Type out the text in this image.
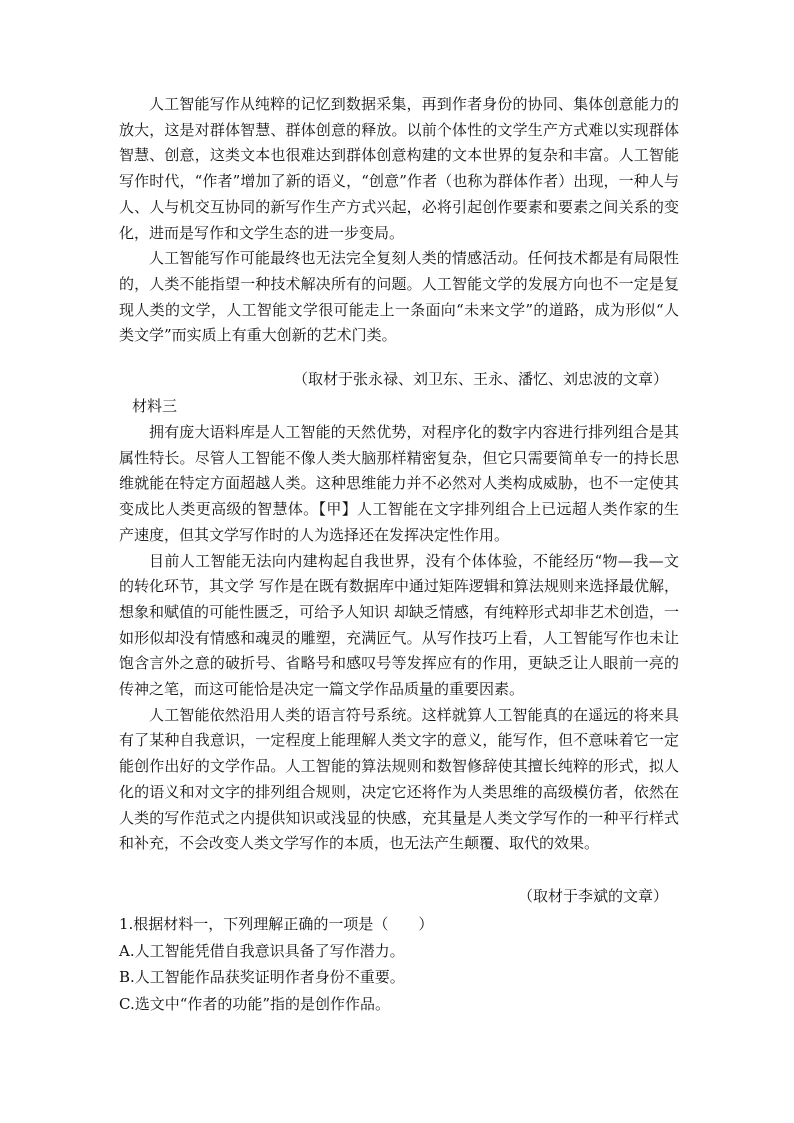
人工智能写作从纯粹的记忆到数据采集，再到作者身份的协同、集体创意能力的放大，这是对群体智慧、群体创意的释放。以前个体性的文学生产方式难以实现群体智慧、创意，这类文本也很难达到群体创意构建的文本世界的复杂和丰富。人工智能写作时代，“作者”增加了新的语义，“创意”作者（也称为群体作者）出现，一种人与人、人与机交互协同的新写作生产方式兴起，必将引起创作要素和要素之间关系的变化，进而是写作和文学生态的进一步变局。

人工智能写作可能最终也无法完全复刻人类的情感活动。任何技术都是有局限性的，人类不能指望一种技术解决所有的问题。人工智能文学的发展方向也不一定是复现人类的文学，人工智能文学很可能走上一条面向“未来文学”的道路，成为形似“人类文学”而实质上有重大创新的艺术门类。

（取材于张永禄、刘卫东、王永、潘忆、刘忠波的文章）
材料三

拥有庞大语料库是人工智能的天然优势，对程序化的数字内容进行排列组合是其属性特长。尽管人工智能不像人类大脑那样精密复杂，但它只需要简单专一的持长思维就能在特定方面超越人类。这种思维能力并不必然对人类构成威胁，也不一定使其变成比人类更高级的智慧体。【甲】人工智能在文字排列组合上已远超人类作家的生产速度，但其文学写作时的人为选择还在发挥决定性作用。

目前人工智能无法向内建构起自我世界，没有个体体验，不能经历“物—我—文的转化环节，其文学 写作是在既有数据库中通过矩阵逻辑和算法规则来选择最优解，想象和赋值的可能性匮乏，可给予人知识 却缺乏情感，有纯粹形式却非艺术创造，一如形似却没有情感和魂灵的雕塑，充满匠气。从写作技巧上看，人工智能写作也未让饱含言外之意的破折号、省略号和感叹号等发挥应有的作用，更缺乏让人眼前一亮的传神之笔，而这可能恰是决定一篇文学作品质量的重要因素。

人工智能依然沿用人类的语言符号系统。这样就算人工智能真的在遥远的将来具有了某种自我意识，一定程度上能理解人类文字的意义，能写作，但不意味着它一定能创作出好的文学作品。人工智能的算法规则和数智修辞使其擅长纯粹的形式，拟人化的语义和对文字的排列组合规则，决定它还将作为人类思维的高级模仿者，依然在人类的写作范式之内提供知识或浅显的快感，充其量是人类文学写作的一种平行样式和补充，不会改变人类文学写作的本质，也无法产生颠覆、取代的效果。

（取材于李斌的文章）
1.根据材料一，下列理解正确的一项是（　　）
A.人工智能凭借自我意识具备了写作潜力。
B.人工智能作品获奖证明作者身份不重要。
C.选文中“作者的功能”指的是创作作品。
